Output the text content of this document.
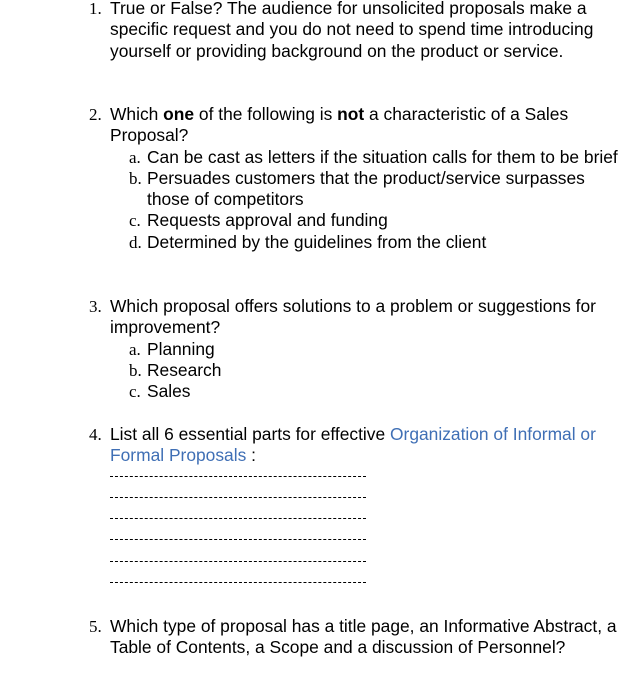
1. True or False? The audience for unsolicited proposals make a specific request and you do not need to spend time introducing yourself or providing background on the product or service.
2. Which one of the following is not a characteristic of a Sales Proposal?
a. Can be cast as letters if the situation calls for them to be brief
b. Persuades customers that the product/service surpasses those of competitors
c. Requests approval and funding
d. Determined by the guidelines from the client
3. Which proposal offers solutions to a problem or suggestions for improvement?
a. Planning
b. Research
c. Sales
4. List all 6 essential parts for effective Organization of Informal or Formal Proposals :
5. Which type of proposal has a title page, an Informative Abstract, a Table of Contents, a Scope and a discussion of Personnel?
